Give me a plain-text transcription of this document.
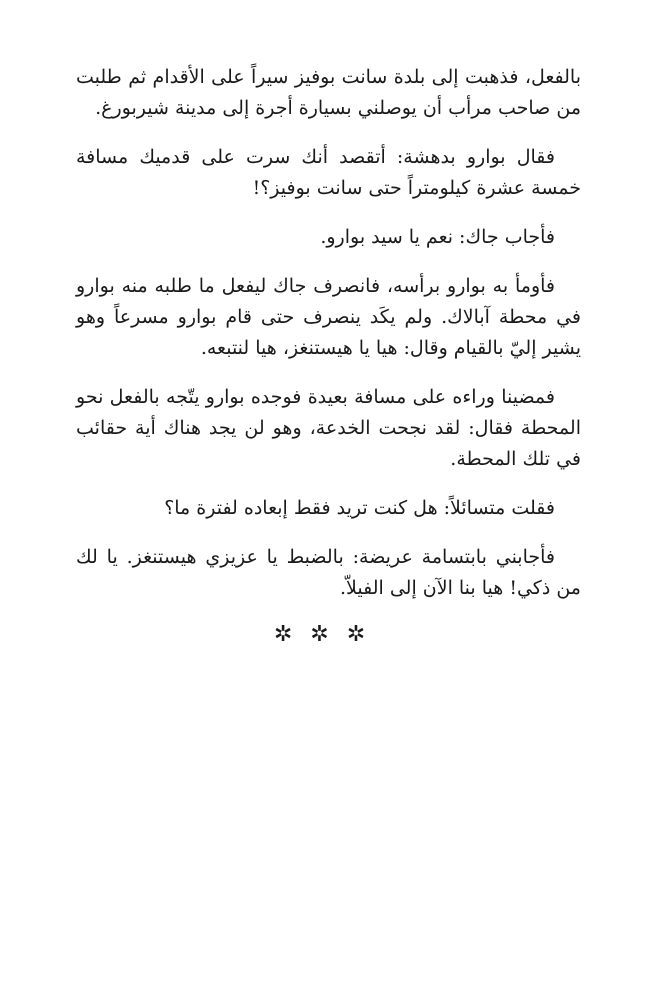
بالفعل، فذهبت إلى بلدة سانت بوفيز سيراً على الأقدام ثم طلبت من صاحب مرأب أن يوصلني بسيارة أجرة إلى مدينة شيربورغ.

فقال بوارو بدهشة: أتقصد أنك سرت على قدميك مسافة خمسة عشرة كيلومتراً حتى سانت بوفيز؟!

فأجاب جاك: نعم يا سيد بوارو.

فأومأ به بوارو برأسه، فانصرف جاك ليفعل ما طلبه منه بوارو في محطة آبالاك. ولم يكَد ينصرف حتى قام بوارو مسرعاً وهو يشير إليّ بالقيام وقال: هيا يا هيستنغز، هيا لنتبعه.

فمضينا وراءه على مسافة بعيدة فوجده بوارو يتّجه بالفعل نحو المحطة فقال: لقد نجحت الخدعة، وهو لن يجد هناك أية حقائب في تلك المحطة.

فقلت متسائلاً: هل كنت تريد فقط إبعاده لفترة ما؟

فأجابني بابتسامة عريضة: بالضبط يا عزيزي هيستنغز. يا لك من ذكي! هيا بنا الآن إلى الفيلاّ.

✲✲✲
